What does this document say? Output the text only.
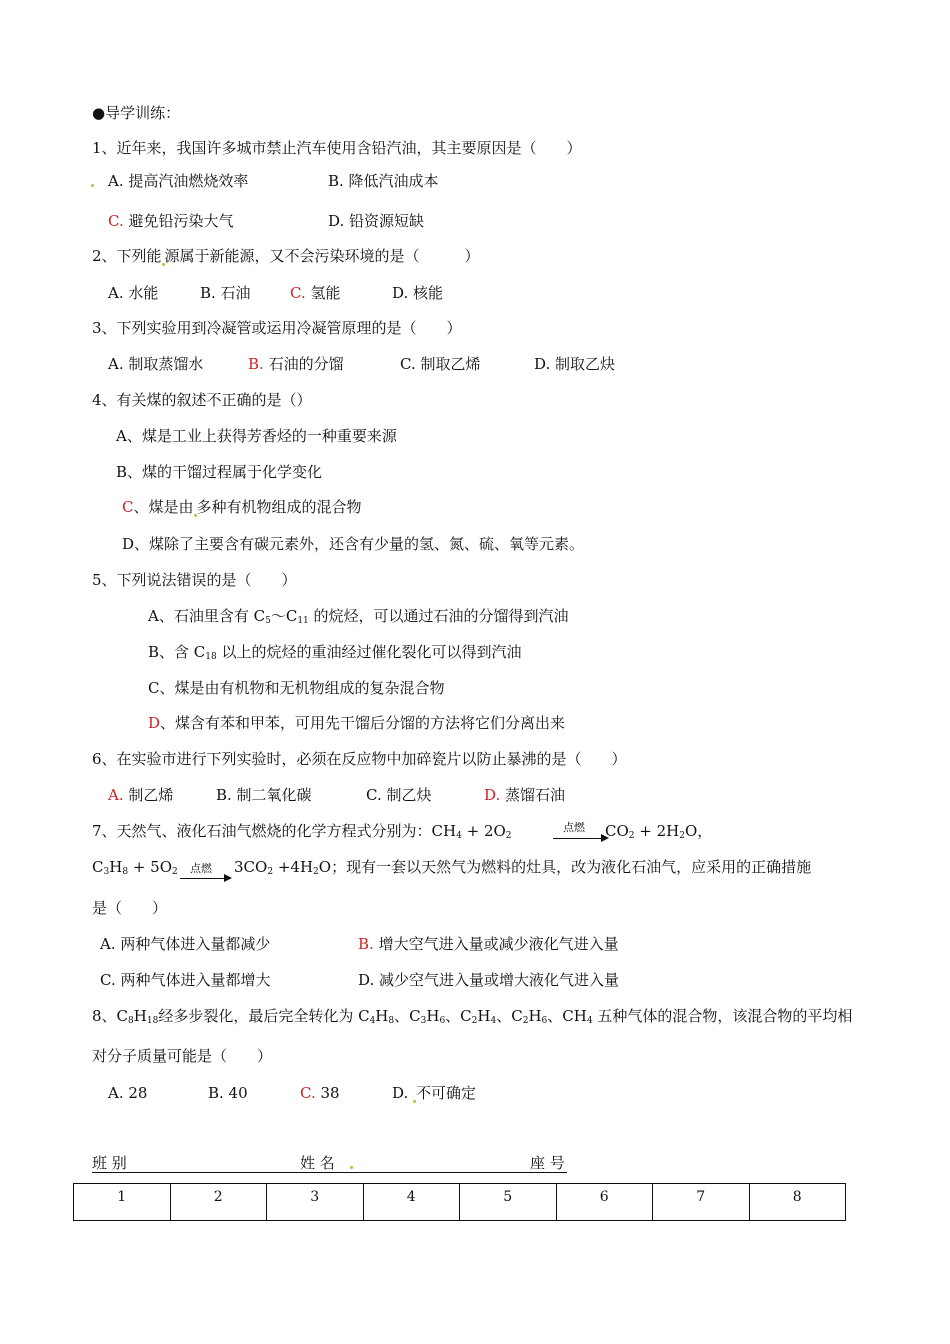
●导学训练：
1、近年来，我国许多城市禁止汽车使用含铅汽油，其主要原因是（　　）
A. 提高汽油燃烧效率	B. 降低汽油成本
C. 避免铅污染大气	D. 铅资源短缺
2、下列能 源属于新能源，又不会污染环境的是（　　　）
A. 水能	B. 石油	C. 氢能	D. 核能
3、下列实验用到冷凝管或运用冷凝管原理的是（　　）
A. 制取蒸馏水	B. 石油的分馏	C. 制取乙烯	D. 制取乙炔
4、有关煤的叙述不正确的是（）
A、煤是工业上获得芳香烃的一种重要来源
B、煤的干馏过程属于化学变化
C、煤是由 多种有机物组成的混合物
D、煤除了主要含有碳元素外，还含有少量的氢、氮、硫、氧等元素。
5、下列说法错误的是（　　）
A、石油里含有 $C_5\sim C_{11}$ 的烷烃，可以通过石油的分馏得到汽油
B、含 $C_{18}$ 以上的烷烃的重油经过催化裂化可以得到汽油
C、煤是由有机物和无机物组成的复杂混合物
D、煤含有苯和甲苯，可用先干馏后分馏的方法将它们分离出来
6、在实验市进行下列实验时，必须在反应物中加碎瓷片以防止暴沸的是（　　）
A. 制乙烯	B. 制二氧化碳	C. 制乙炔	D. 蒸馏石油
7、天然气、液化石油气燃烧的化学方程式分别为：$CH_4 + 2O_2$
点燃 $CO_2 + 2H_2O$，
$C_3H_8 + 5O_2$ 点燃 $3CO_2 +4H_2O$；现有一套以天然气为燃料的灶具，改为液化石油气，应采用的正确措施
是（　　）
A. 两种气体进入量都减少	B. 增大空气进入量或减少液化气进入量
C. 两种气体进入量都增大	D. 减少空气进入量或增大液化气进入量
8、$C_8H_{18}$经多步裂化，最后完全转化为 $C_4H_8$、$C_3H_6$、$C_2H_4$、$C_2H_6$、$CH_4$ 五种气体的混合物，该混合物的平均相
对分子质量可能是（　　）
A. 28	B. 40	C. 38	D. 不可确定
班 别	姓 名	座 号
1	2	3	4	5	6	7	8
